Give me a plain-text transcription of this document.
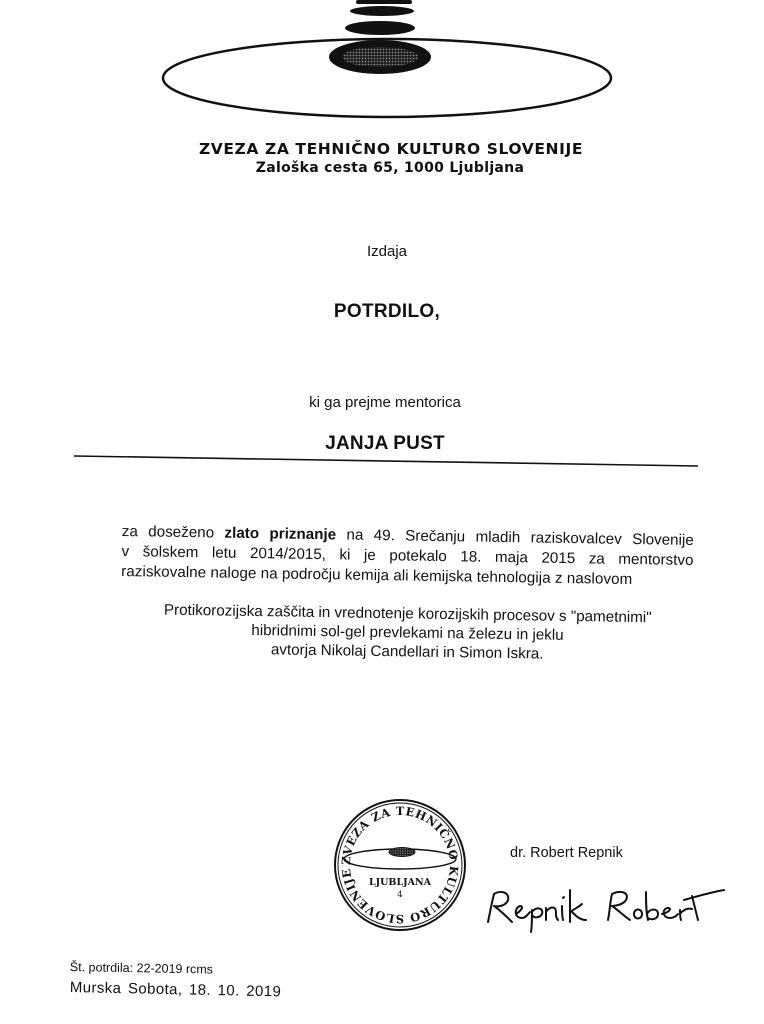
ZVEZA ZA TEHNIČNO KULTURO SLOVENIJE
Zaloška cesta 65, 1000 Ljubljana
Izdaja
POTRDILO,
ki ga prejme mentorica
JANJA PUST
za doseženo zlato priznanje na 49. Srečanju mladih raziskovalcev Slovenije
v šolskem letu 2014/2015, ki je potekalo 18. maja 2015 za mentorstvo
raziskovalne naloge na področju kemija ali kemijska tehnologija z naslovom
Protikorozijska zaščita in vrednotenje korozijskih procesov s "pametnimi"
hibridnimi sol-gel prevlekami na železu in jeklu
avtorja Nikolaj Candellari in Simon Iskra.
ZVEZA ZA TEHNIČNO KULTURO SLOVENIJE
LJUBLJANA
4
dr. Robert Repnik
Št. potrdila: 22-2019 rcms
Murska Sobota, 18. 10. 2019
